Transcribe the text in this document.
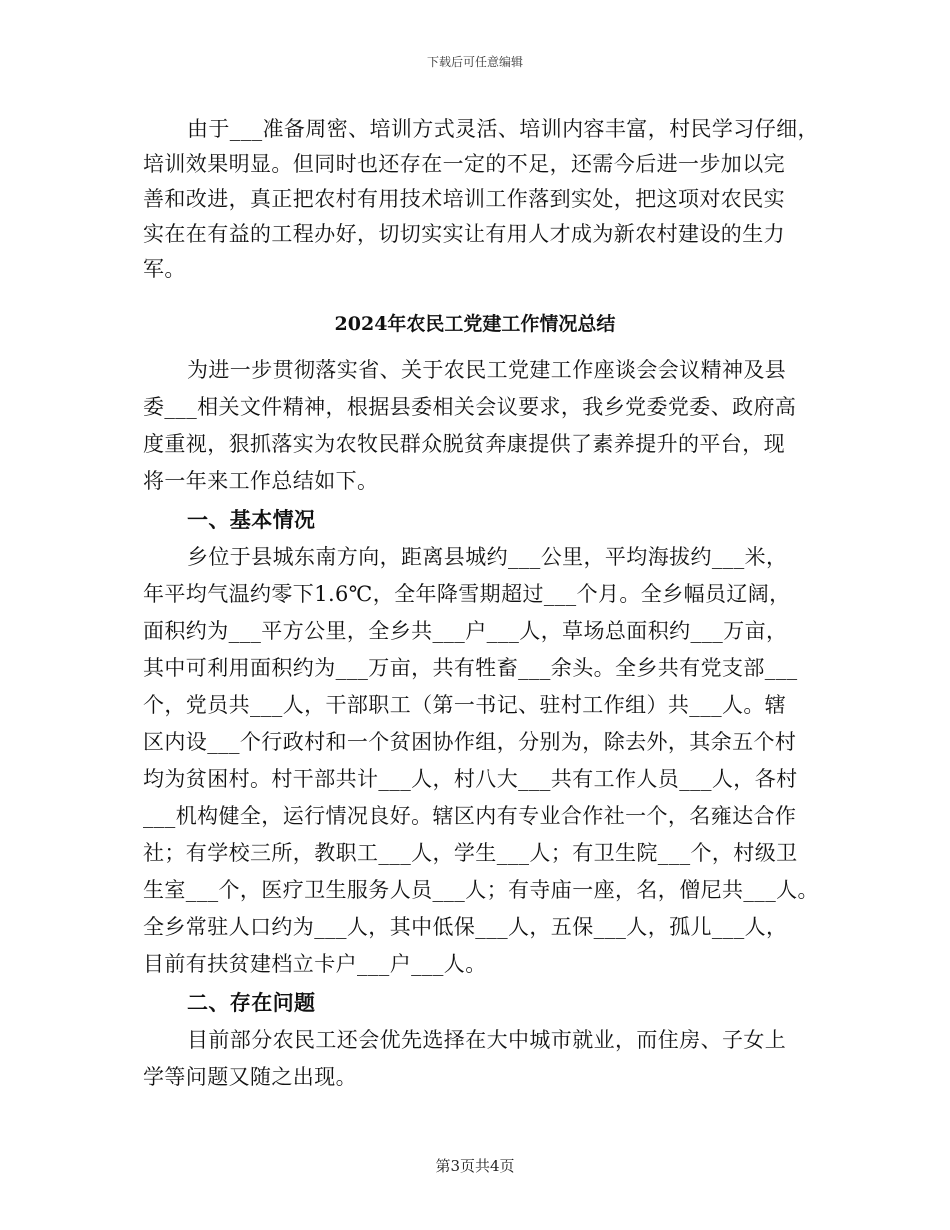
下载后可任意编辑
由于___准备周密、培训方式灵活、培训内容丰富，村民学习仔细，
培训效果明显。但同时也还存在一定的不足，还需今后进一步加以完
善和改进，真正把农村有用技术培训工作落到实处，把这项对农民实
实在在有益的工程办好，切切实实让有用人才成为新农村建设的生力
军。
2024年农民工党建工作情况总结
为进一步贯彻落实省、关于农民工党建工作座谈会会议精神及县
委___相关文件精神，根据县委相关会议要求，我乡党委党委、政府高
度重视，狠抓落实为农牧民群众脱贫奔康提供了素养提升的平台，现
将一年来工作总结如下。
一、基本情况
乡位于县城东南方向，距离县城约___公里，平均海拔约___米，
年平均气温约零下1.6℃，全年降雪期超过___个月。全乡幅员辽阔，
面积约为___平方公里，全乡共___户___人，草场总面积约___万亩，
其中可利用面积约为___万亩，共有牲畜___余头。全乡共有党支部___
个，党员共___人，干部职工（第一书记、驻村工作组）共___人。辖
区内设___个行政村和一个贫困协作组，分别为，除去外，其余五个村
均为贫困村。村干部共计___人，村八大___共有工作人员___人，各村
___机构健全，运行情况良好。辖区内有专业合作社一个，名雍达合作
社；有学校三所，教职工___人，学生___人；有卫生院___个，村级卫
生室___个，医疗卫生服务人员___人；有寺庙一座，名，僧尼共___人。
全乡常驻人口约为___人，其中低保___人，五保___人，孤儿___人，
目前有扶贫建档立卡户___户___人。
二、存在问题
目前部分农民工还会优先选择在大中城市就业，而住房、子女上
学等问题又随之出现。
第3页共4页
